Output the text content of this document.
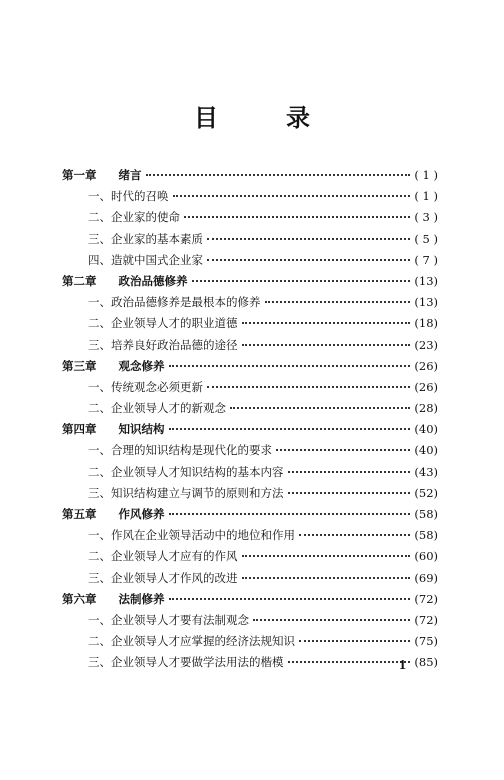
目录
第一章 绪言	( 1 )
一、时代的召唤	( 1 )
二、企业家的使命	( 3 )
三、企业家的基本素质	( 5 )
四、造就中国式企业家	( 7 )
第二章 政治品德修养	(13)
一、政治品德修养是最根本的修养	(13)
二、企业领导人才的职业道德	(18)
三、培养良好政治品德的途径	(23)
第三章 观念修养	(26)
一、传统观念必须更新	(26)
二、企业领导人才的新观念	(28)
第四章 知识结构	(40)
一、合理的知识结构是现代化的要求	(40)
二、企业领导人才知识结构的基本内容	(43)
三、知识结构建立与调节的原则和方法	(52)
第五章 作风修养	(58)
一、作风在企业领导活动中的地位和作用	(58)
二、企业领导人才应有的作风	(60)
三、企业领导人才作风的改进	(69)
第六章 法制修养	(72)
一、企业领导人才要有法制观念	(72)
二、企业领导人才应掌握的经济法规知识	(75)
三、企业领导人才要做学法用法的楷模	(85)
1
